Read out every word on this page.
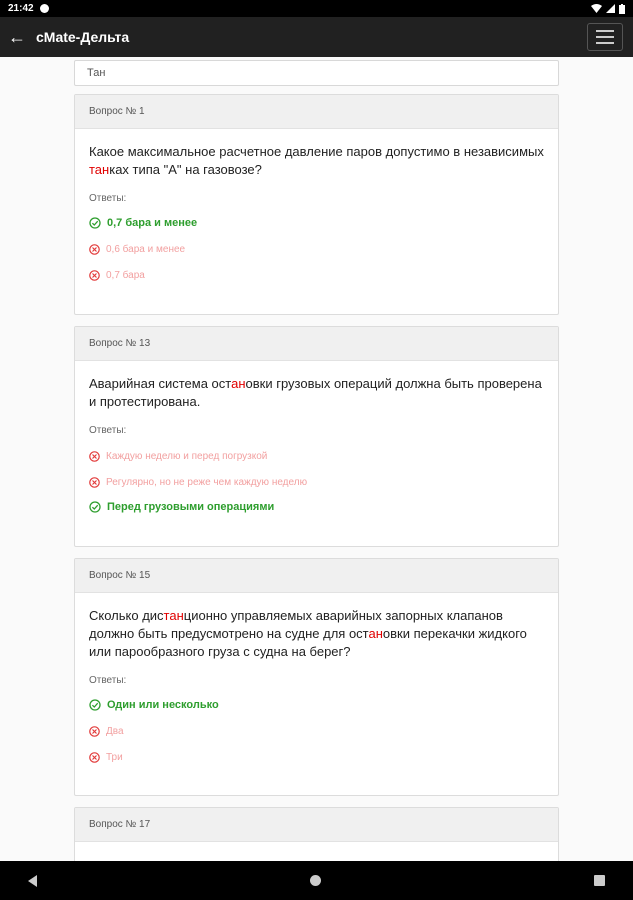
21:42
← cMate-Дельта
Тан
Вопрос № 1
Какое максимальное расчетное давление паров допустимо в независимых танках типа "А" на газовозе?
Ответы:
0,7 бара и менее
0,6 бара и менее
0,7 бара
Вопрос № 13
Аварийная система остановки грузовых операций должна быть проверена и протестирована.
Ответы:
Каждую неделю и перед погрузкой
Регулярно, но не реже чем каждую неделю
Перед грузовыми операциями
Вопрос № 15
Сколько дистанционно управляемых аварийных запорных клапанов должно быть предусмотрено на судне для остановки перекачки жидкого или парообразного груза с судна на берег?
Ответы:
Один или несколько
Два
Три
Вопрос № 17
